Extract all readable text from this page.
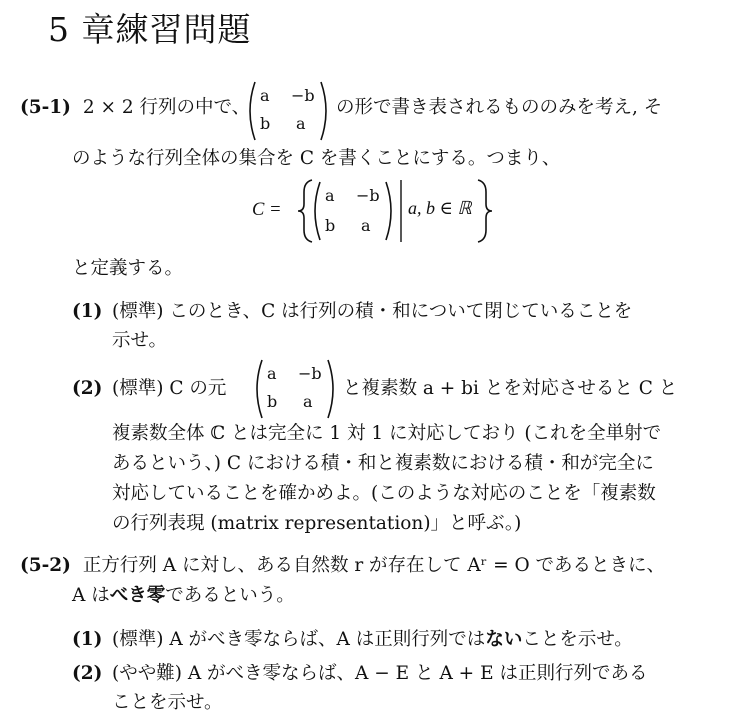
5 章練習問題
(5-1) 2 × 2 行列の中で、
a −b
b a
の形で書き表されるもののみを考え, そ
のような行列全体の集合を C を書くことにする。つまり、
C =
a −b
b a
a, b ∈ ℝ
と定義する。
(1) (標準) このとき、C は行列の積・和について閉じていることを
示せ。
(2) (標準) C の元
a −b
b a
と複素数 a + bi とを対応させると C と
複素数全体 ℂ とは完全に 1 対 1 に対応しており (これを全単射で
あるという、) C における積・和と複素数における積・和が完全に
対応していることを確かめよ。(このような対応のことを「複素数
の行列表現 (matrix representation)」と呼ぶ。)
(5-2) 正方行列 A に対し、ある自然数 r が存在して Aʳ = O であるときに、
A はべき零であるという。
(1) (標準) A がべき零ならば、A は正則行列ではないことを示せ。
(2) (やや難) A がべき零ならば、A − E と A + E は正則行列である
ことを示せ。
